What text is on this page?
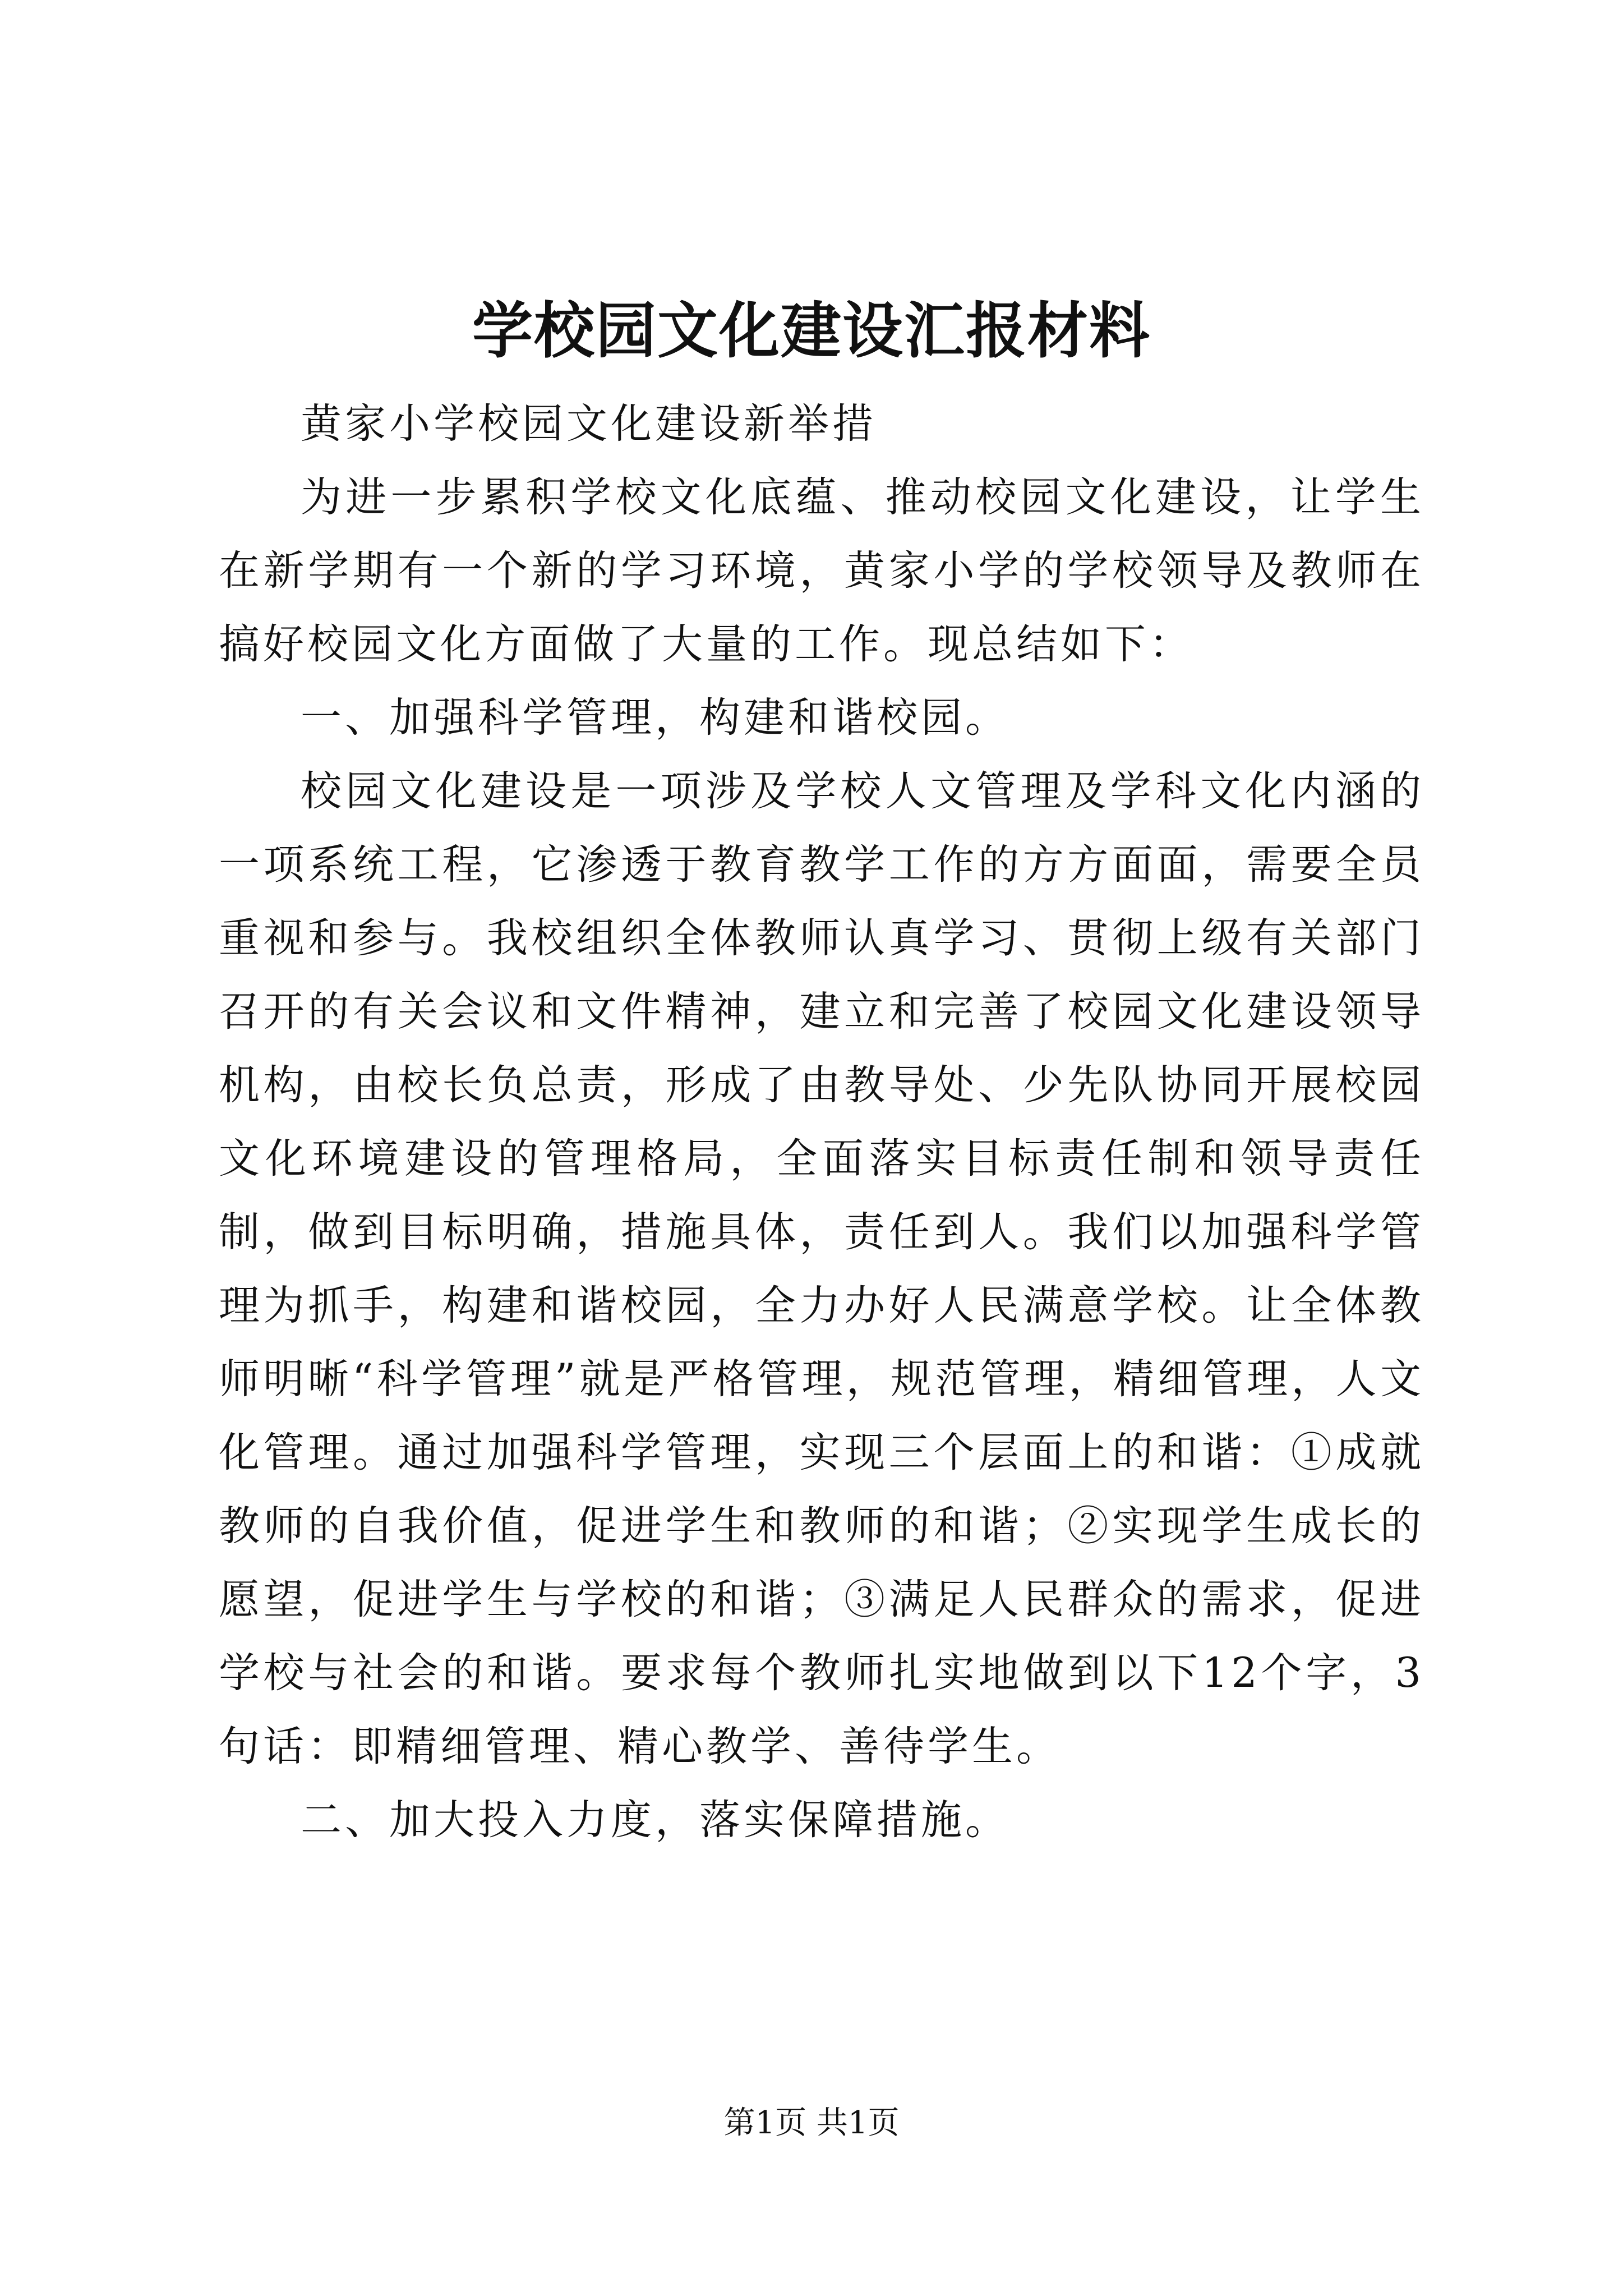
学校园文化建设汇报材料

黄家小学校园文化建设新举措

为进一步累积学校文化底蕴、推动校园文化建设，让学生在新学期有一个新的学习环境，黄家小学的学校领导及教师在搞好校园文化方面做了大量的工作。现总结如下：

一、加强科学管理，构建和谐校园。

校园文化建设是一项涉及学校人文管理及学科文化内涵的一项系统工程，它渗透于教育教学工作的方方面面，需要全员重视和参与。我校组织全体教师认真学习、贯彻上级有关部门召开的有关会议和文件精神，建立和完善了校园文化建设领导机构，由校长负总责，形成了由教导处、少先队协同开展校园文化环境建设的管理格局，全面落实目标责任制和领导责任制，做到目标明确，措施具体，责任到人。我们以加强科学管理为抓手，构建和谐校园，全力办好人民满意学校。让全体教师明晰“科学管理”就是严格管理，规范管理，精细管理，人文化管理。通过加强科学管理，实现三个层面上的和谐：①成就教师的自我价值，促进学生和教师的和谐；②实现学生成长的愿望，促进学生与学校的和谐；③满足人民群众的需求，促进学校与社会的和谐。要求每个教师扎实地做到以下12个字，3句话：即精细管理、精心教学、善待学生。

二、加大投入力度，落实保障措施。

第1页 共1页
